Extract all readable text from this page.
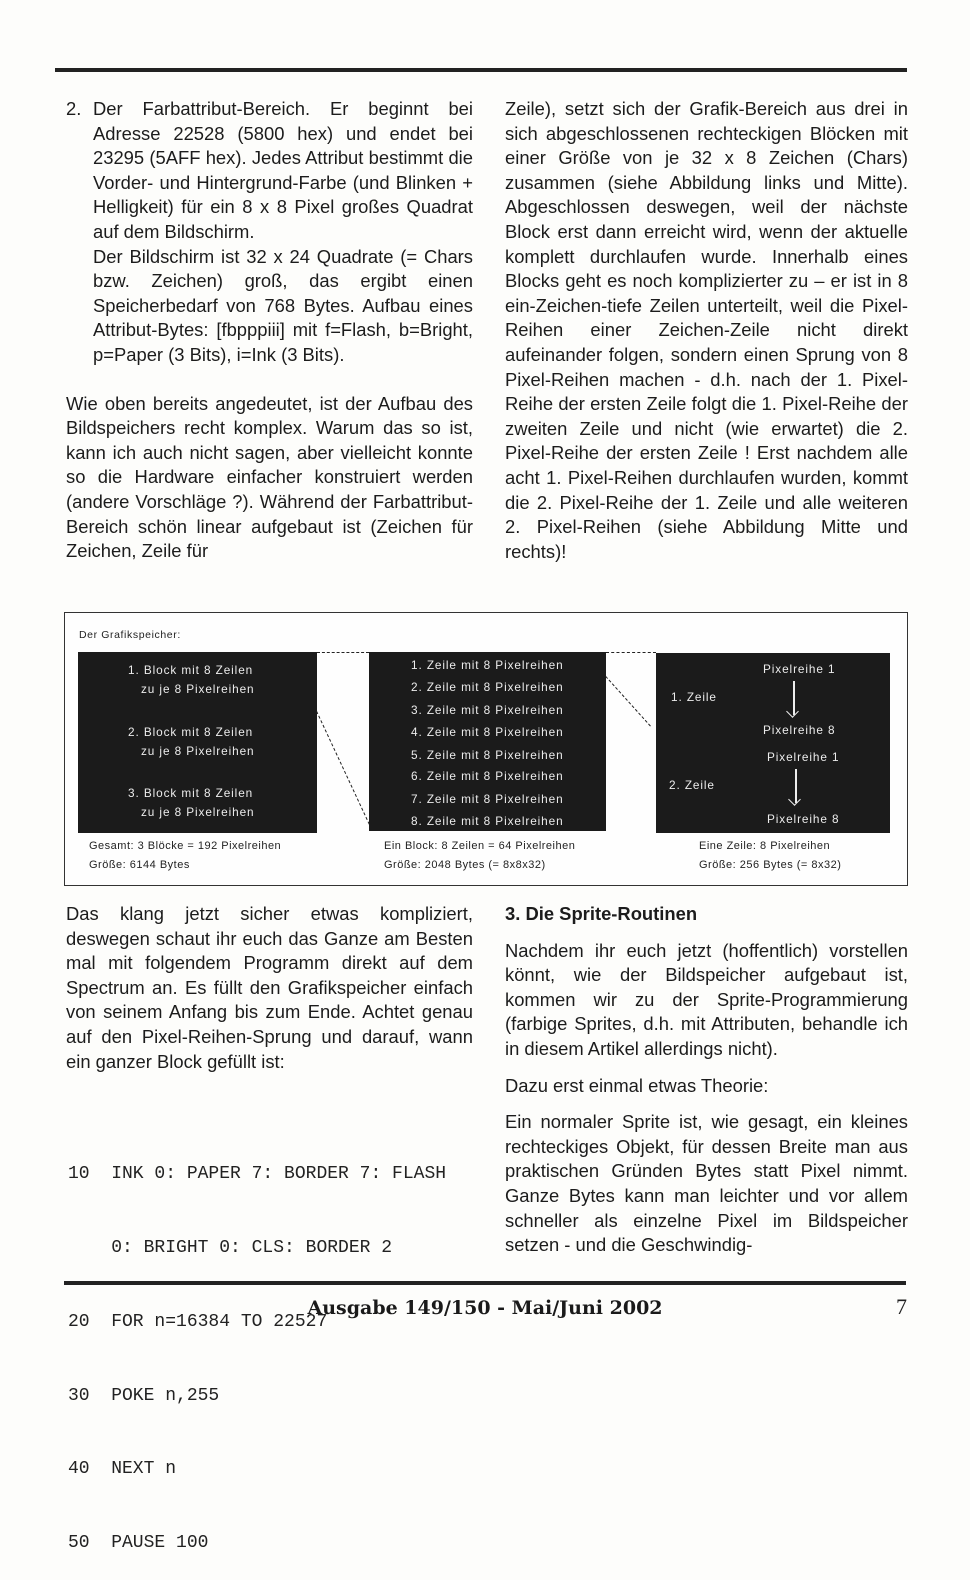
2. Der Farbattribut-Bereich. Er beginnt bei Adresse 22528 (5800 hex) und endet bei 23295 (5AFF hex). Jedes Attribut bestimmt die Vorder- und Hintergrund-Farbe (und Blinken + Helligkeit) für ein 8 x 8 Pixel großes Quadrat auf dem Bildschirm.

Der Bildschirm ist 32 x 24 Quadrate (= Chars bzw. Zeichen) groß, das ergibt einen Speicherbedarf von 768 Bytes. Aufbau eines Attribut-Bytes: [fbpppiii] mit f=Flash, b=Bright, p=Paper (3 Bits), i=Ink (3 Bits).

Wie oben bereits angedeutet, ist der Aufbau des Bildspeichers recht komplex. Warum das so ist, kann ich auch nicht sagen, aber vielleicht konnte so die Hardware einfacher konstruiert werden (andere Vorschläge ?). Während der Farbattribut-Bereich schön linear aufgebaut ist (Zeichen für Zeichen, Zeile für

Zeile), setzt sich der Grafik-Bereich aus drei in sich abgeschlossenen rechteckigen Blöcken mit einer Größe von je 32 x 8 Zeichen (Chars) zusammen (siehe Abbildung links und Mitte). Abgeschlossen deswegen, weil der nächste Block erst dann erreicht wird, wenn der aktuelle komplett durchlaufen wurde. Innerhalb eines Blocks geht es noch komplizierter zu – er ist in 8 ein-Zeichen-tiefe Zeilen unterteilt, weil die Pixel-Reihen einer Zeichen-Zeile nicht direkt aufeinander folgen, sondern einen Sprung von 8 Pixel-Reihen machen - d.h. nach der 1. Pixel-Reihe der ersten Zeile folgt die 1. Pixel-Reihe der zweiten Zeile und nicht (wie erwartet) die 2. Pixel-Reihe der ersten Zeile ! Erst nachdem alle acht 1. Pixel-Reihen durchlaufen wurden, kommt die 2. Pixel-Reihe der 1. Zeile und alle weiteren 2. Pixel-Reihen (siehe Abbildung Mitte und rechts)!

Der Grafikspeicher:
1. Block mit 8 Zeilen
zu je 8 Pixelreihen
2. Block mit 8 Zeilen
zu je 8 Pixelreihen
3. Block mit 8 Zeilen
zu je 8 Pixelreihen
Gesamt: 3 Blöcke = 192 Pixelreihen
Größe: 6144 Bytes
1. Zeile mit 8 Pixelreihen
2. Zeile mit 8 Pixelreihen
3. Zeile mit 8 Pixelreihen
4. Zeile mit 8 Pixelreihen
5. Zeile mit 8 Pixelreihen
6. Zeile mit 8 Pixelreihen
7. Zeile mit 8 Pixelreihen
8. Zeile mit 8 Pixelreihen
Ein Block: 8 Zeilen = 64 Pixelreihen
Größe: 2048 Bytes (= 8x8x32)
Pixelreihe 1
1. Zeile
Pixelreihe 8
Pixelreihe 1
2. Zeile
Pixelreihe 8
Eine Zeile: 8 Pixelreihen
Größe: 256 Bytes (= 8x32)

Das klang jetzt sicher etwas kompliziert, deswegen schaut ihr euch das Ganze am Besten mal mit folgendem Programm direkt auf dem Spectrum an. Es füllt den Grafikspeicher einfach von seinem Anfang bis zum Ende. Achtet genau auf den Pixel-Reihen-Sprung und darauf, wann ein ganzer Block gefüllt ist:

10  INK 0: PAPER 7: BORDER 7: FLASH

0: BRIGHT 0: CLS: BORDER 2

20  FOR n=16384 TO 22527

30  POKE n,255

40  NEXT n

50  PAUSE 100

3. Die Sprite-Routinen

Nachdem ihr euch jetzt (hoffentlich) vorstellen könnt, wie der Bildspeicher aufgebaut ist, kommen wir zu der Sprite-Programmierung (farbige Sprites, d.h. mit Attributen, behandle ich in diesem Artikel allerdings nicht).

Dazu erst einmal etwas Theorie:

Ein normaler Sprite ist, wie gesagt, ein kleines rechteckiges Objekt, für dessen Breite man aus praktischen Gründen Bytes statt Pixel nimmt. Ganze Bytes kann man leichter und vor allem schneller als einzelne Pixel im Bildspeicher setzen - und die Geschwindig-

Ausgabe 149/150 - Mai/Juni 2002	7
